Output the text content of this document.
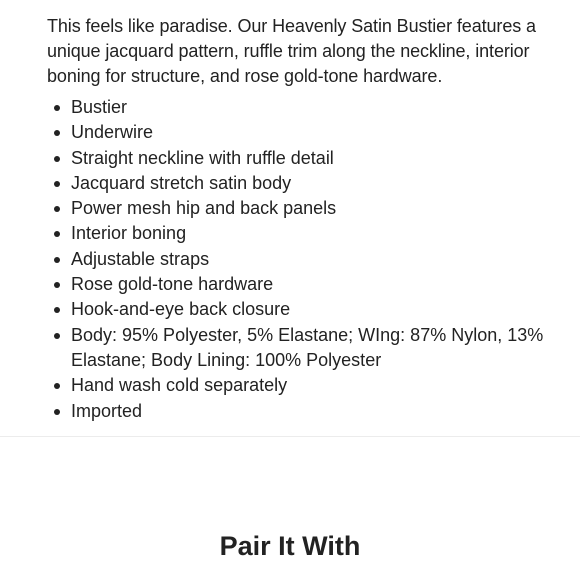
This feels like paradise. Our Heavenly Satin Bustier features a unique jacquard pattern, ruffle trim along the neckline, interior boning for structure, and rose gold-tone hardware.

Bustier
Underwire
Straight neckline with ruffle detail
Jacquard stretch satin body
Power mesh hip and back panels
Interior boning
Adjustable straps
Rose gold-tone hardware
Hook-and-eye back closure
Body: 95% Polyester, 5% Elastane; WIng: 87% Nylon, 13% Elastane; Body Lining: 100% Polyester
Hand wash cold separately
Imported
Pair It With
